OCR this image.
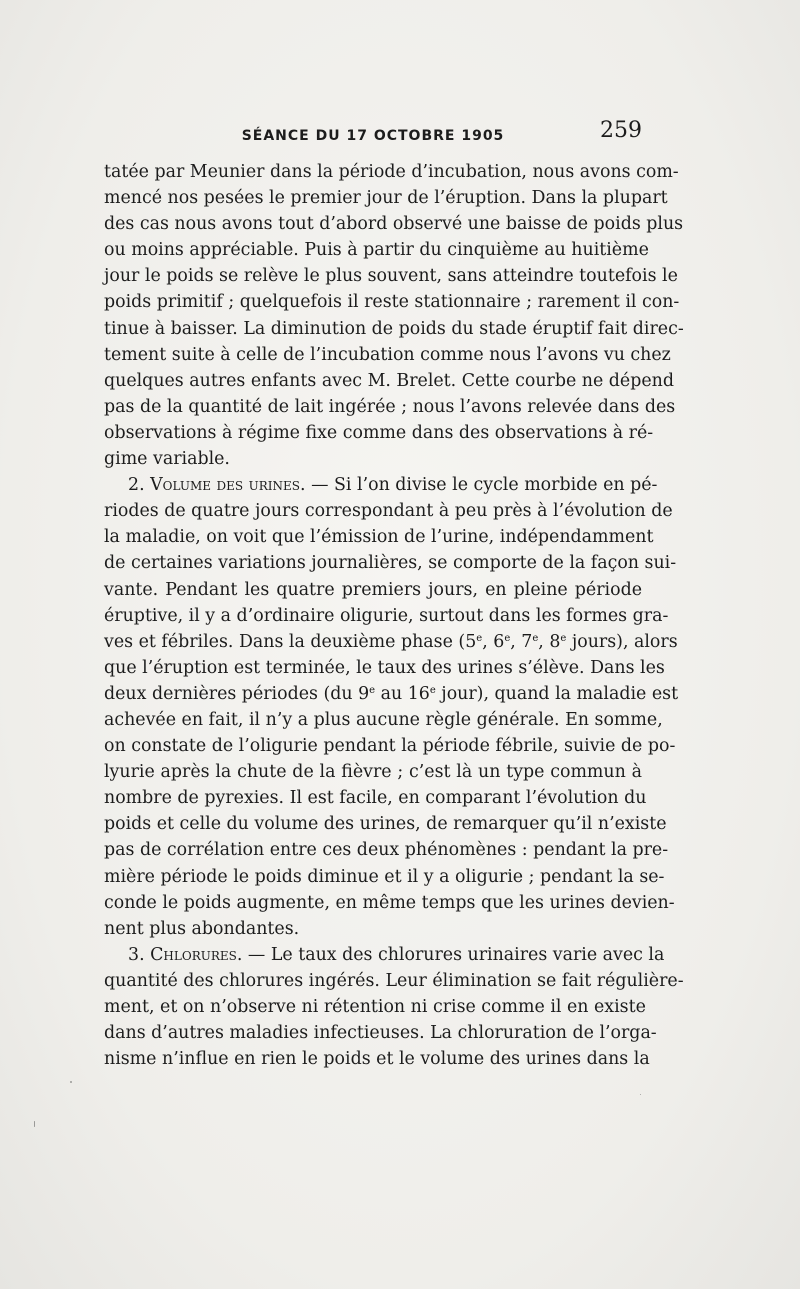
SÉANCE DU 17 OCTOBRE 1905	259
tatée par Meunier dans la période d’incubation, nous avons com-
mencé nos pesées le premier jour de l’éruption. Dans la plupart
des cas nous avons tout d’abord observé une baisse de poids plus
ou moins appréciable. Puis à partir du cinquième au huitième
jour le poids se relève le plus souvent, sans atteindre toutefois le
poids primitif ; quelquefois il reste stationnaire ; rarement il con-
tinue à baisser. La diminution de poids du stade éruptif fait direc-
tement suite à celle de l’incubation comme nous l’avons vu chez
quelques autres enfants avec M. Brelet. Cette courbe ne dépend
pas de la quantité de lait ingérée ; nous l’avons relevée dans des
observations à régime fixe comme dans des observations à ré-
gime variable.
2. Volume des urines. — Si l’on divise le cycle morbide en pé-
riodes de quatre jours correspondant à peu près à l’évolution de
la maladie, on voit que l’émission de l’urine, indépendamment
de certaines variations journalières, se comporte de la façon sui-
vante. Pendant les quatre premiers jours, en pleine période
éruptive, il y a d’ordinaire oligurie, surtout dans les formes gra-
ves et fébriles. Dans la deuxième phase (5e, 6e, 7e, 8e jours), alors
que l’éruption est terminée, le taux des urines s’élève. Dans les
deux dernières périodes (du 9e au 16e jour), quand la maladie est
achevée en fait, il n’y a plus aucune règle générale. En somme,
on constate de l’oligurie pendant la période fébrile, suivie de po-
lyurie après la chute de la fièvre ; c’est là un type commun à
nombre de pyrexies. Il est facile, en comparant l’évolution du
poids et celle du volume des urines, de remarquer qu’il n’existe
pas de corrélation entre ces deux phénomènes : pendant la pre-
mière période le poids diminue et il y a oligurie ; pendant la se-
conde le poids augmente, en même temps que les urines devien-
nent plus abondantes.
3. Chlorures. — Le taux des chlorures urinaires varie avec la
quantité des chlorures ingérés. Leur élimination se fait régulière-
ment, et on n’observe ni rétention ni crise comme il en existe
dans d’autres maladies infectieuses. La chloruration de l’orga-
nisme n’influe en rien le poids et le volume des urines dans la
